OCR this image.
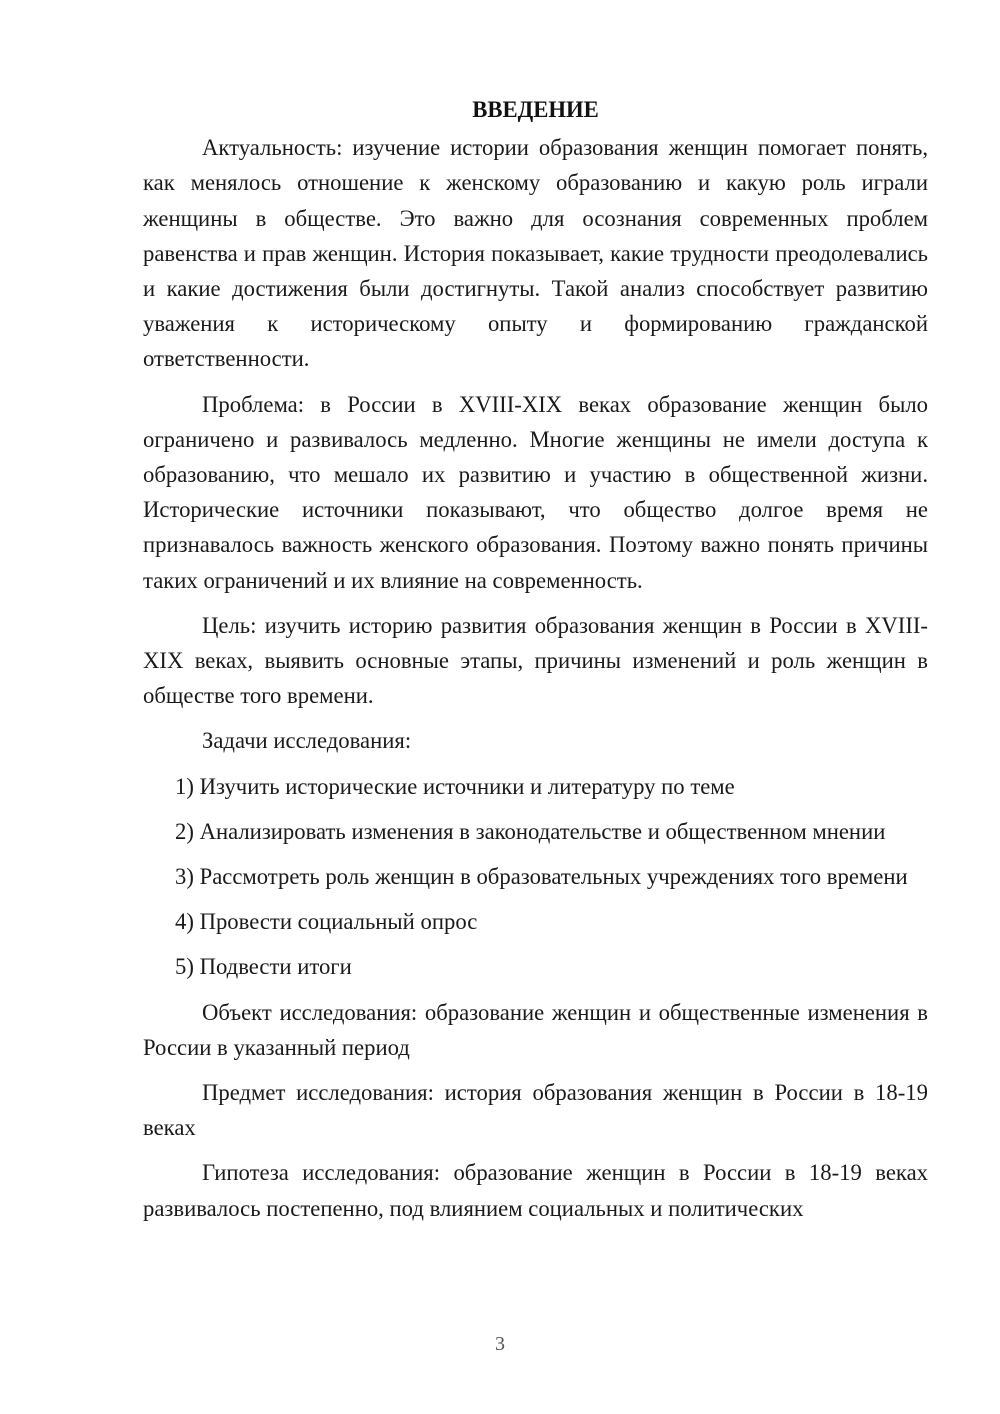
ВВЕДЕНИЕ

Актуальность: изучение истории образования женщин помогает понять, как менялось отношение к женскому образованию и какую роль играли женщины в обществе. Это важно для осознания современных проблем равенства и прав женщин. История показывает, какие трудности преодолевались и какие достижения были достигнуты. Такой анализ способствует развитию уважения к историческому опыту и формированию гражданской ответственности.

Проблема: в России в XVIII-XIX веках образование женщин было ограничено и развивалось медленно. Многие женщины не имели доступа к образованию, что мешало их развитию и участию в общественной жизни. Исторические источники показывают, что общество долгое время не признавалось важность женского образования. Поэтому важно понять причины таких ограничений и их влияние на современность.

Цель: изучить историю развития образования женщин в России в XVIII-XIX веках, выявить основные этапы, причины изменений и роль женщин в обществе того времени.

Задачи исследования:

1) Изучить исторические источники и литературу по теме

2) Анализировать изменения в законодательстве и общественном мнении

3) Рассмотреть роль женщин в образовательных учреждениях того времени

4) Провести социальный опрос

5) Подвести итоги

Объект исследования: образование женщин и общественные изменения в России в указанный период

Предмет исследования: история образования женщин в России в 18-19 веках

Гипотеза исследования: образование женщин в России в 18-19 веках развивалось постепенно, под влиянием социальных и политических

3
